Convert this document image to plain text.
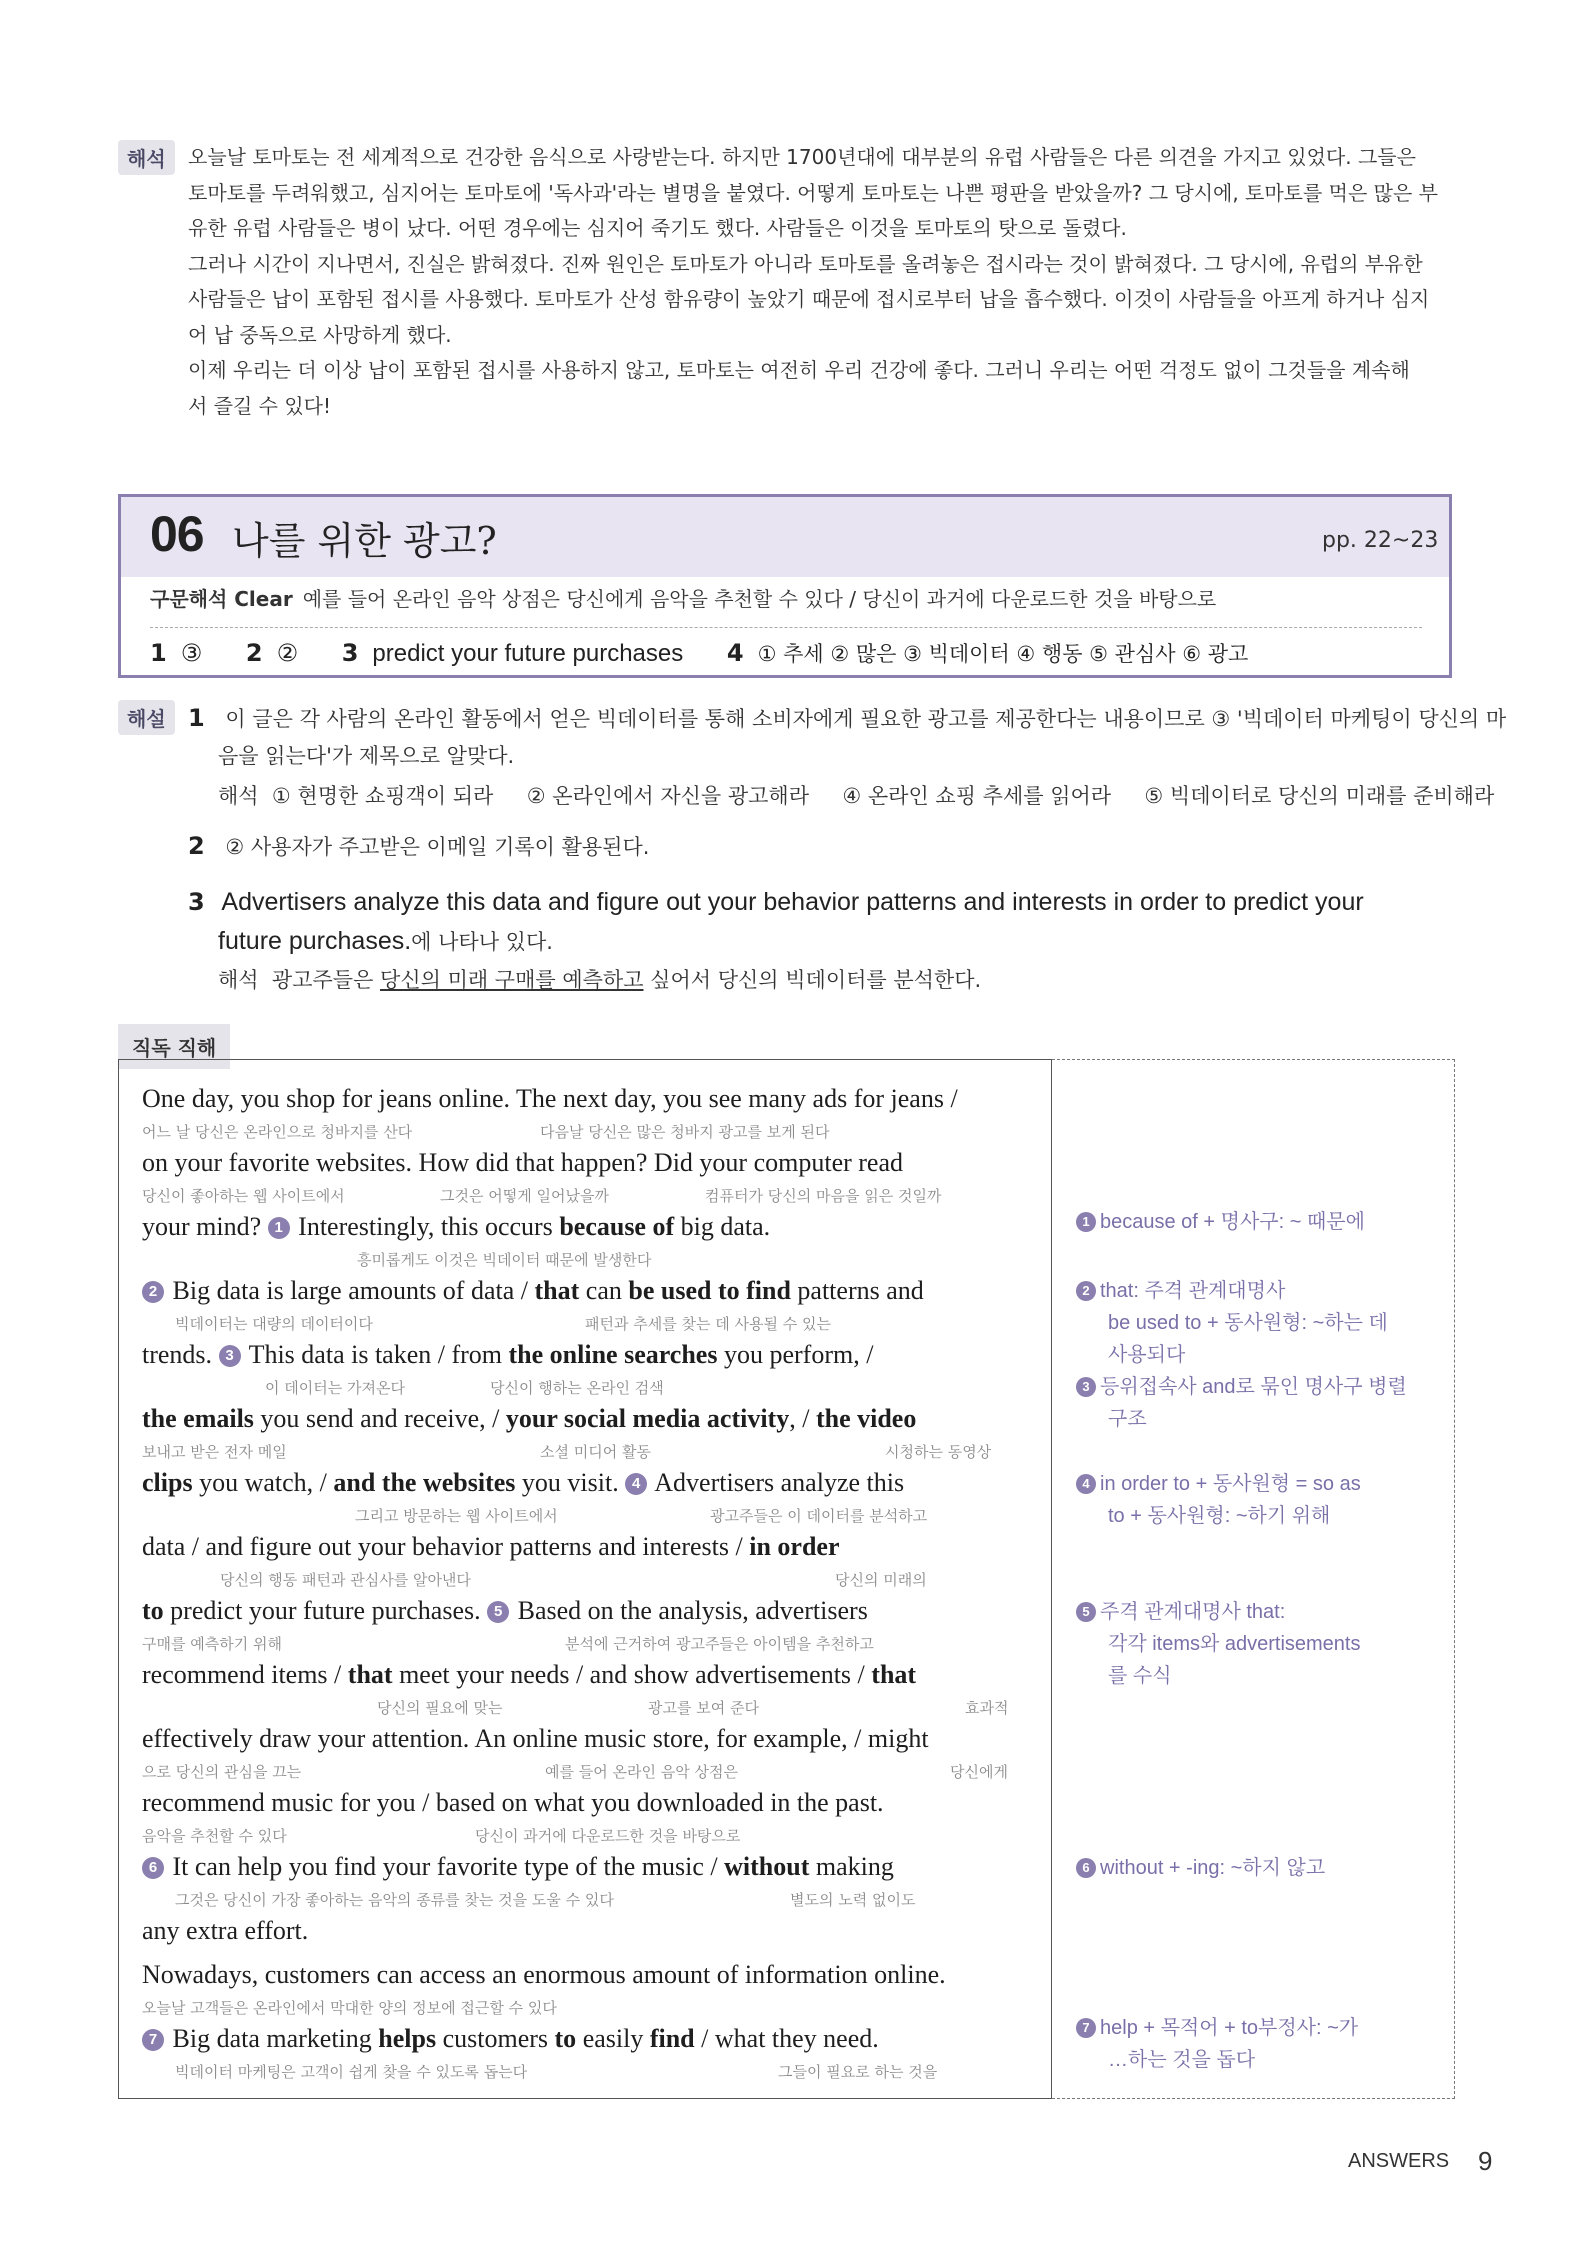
해석	오늘날 토마토는 전 세계적으로 건강한 음식으로 사랑받는다. 하지만 1700년대에 대부분의 유럽 사람들은 다른 의견을 가지고 있었다. 그들은

토마토를 두려워했고, 심지어는 토마토에 '독사과'라는 별명을 붙였다. 어떻게 토마토는 나쁜 평판을 받았을까? 그 당시에, 토마토를 먹은 많은 부

유한 유럽 사람들은 병이 났다. 어떤 경우에는 심지어 죽기도 했다. 사람들은 이것을 토마토의 탓으로 돌렸다.

그러나 시간이 지나면서, 진실은 밝혀졌다. 진짜 원인은 토마토가 아니라 토마토를 올려놓은 접시라는 것이 밝혀졌다. 그 당시에, 유럽의 부유한

사람들은 납이 포함된 접시를 사용했다. 토마토가 산성 함유량이 높았기 때문에 접시로부터 납을 흡수했다. 이것이 사람들을 아프게 하거나 심지

어 납 중독으로 사망하게 했다.

이제 우리는 더 이상 납이 포함된 접시를 사용하지 않고, 토마토는 여전히 우리 건강에 좋다. 그러니 우리는 어떤 걱정도 없이 그것들을 계속해

서 즐길 수 있다!

06 나를 위한 광고?	pp. 22~23
구문해석 Clear 예를 들어 온라인 음악 상점은 당신에게 음악을 추천할 수 있다 / 당신이 과거에 다운로드한 것을 바탕으로
1 ③ 2 ② 3 predict your future purchases 4 ① 추세 ② 많은 ③ 빅데이터 ④ 행동 ⑤ 관심사 ⑥ 광고
해설 1 이 글은 각 사람의 온라인 활동에서 얻은 빅데이터를 통해 소비자에게 필요한 광고를 제공한다는 내용이므로 ③ '빅데이터 마케팅이 당신의 마
음을 읽는다'가 제목으로 알맞다.
해석  ① 현명한 쇼핑객이 되라     ② 온라인에서 자신을 광고해라     ④ 온라인 쇼핑 추세를 읽어라     ⑤ 빅데이터로 당신의 미래를 준비해라
2 ② 사용자가 주고받은 이메일 기록이 활용된다.
3 Advertisers analyze this data and figure out your behavior patterns and interests in order to predict your
future purchases.에 나타나 있다.
해석  광고주들은 당신의 미래 구매를 예측하고 싶어서 당신의 빅데이터를 분석한다.
직독 직해
One day, you shop for jeans online. The next day, you see many ads for jeans /
on your favorite websites. How did that happen? Did your computer read
your mind? 1 Interestingly, this occurs because of big data.
2 Big data is large amounts of data / that can be used to find patterns and
trends. 3 This data is taken / from the online searches you perform, /
the emails you send and receive, / your social media activity, / the video
clips you watch, / and the websites you visit. 4 Advertisers analyze this
data / and figure out your behavior patterns and interests / in order
to predict your future purchases. 5 Based on the analysis, advertisers
recommend items / that meet your needs / and show advertisements / that
effectively draw your attention. An online music store, for example, / might
recommend music for you / based on what you downloaded in the past.
6 It can help you find your favorite type of the music / without making
any extra effort.
Nowadays, customers can access an enormous amount of information online.
7 Big data marketing helps customers to easily find / what they need.
어느 날 당신은 온라인으로 청바지를 산다	다음날 당신은 많은 청바지 광고를 보게 된다
당신이 좋아하는 웹 사이트에서	그것은 어떻게 일어났을까	컴퓨터가 당신의 마음을 읽은 것일까
흥미롭게도 이것은 빅데이터 때문에 발생한다
빅데이터는 대량의 데이터이다	패턴과 추세를 찾는 데 사용될 수 있는
이 데이터는 가져온다	당신이 행하는 온라인 검색
보내고 받은 전자 메일	소셜 미디어 활동	시청하는 동영상
그리고 방문하는 웹 사이트에서	광고주들은 이 데이터를 분석하고
당신의 행동 패턴과 관심사를 알아낸다	당신의 미래의
구매를 예측하기 위해	분석에 근거하여 광고주들은 아이템을 추천하고
당신의 필요에 맞는	광고를 보여 준다	효과적
으로 당신의 관심을 끄는	예를 들어 온라인 음악 상점은	당신에게
음악을 추천할 수 있다	당신이 과거에 다운로드한 것을 바탕으로
그것은 당신이 가장 좋아하는 음악의 종류를 찾는 것을 도울 수 있다	별도의 노력 없이도
오늘날 고객들은 온라인에서 막대한 양의 정보에 접근할 수 있다
빅데이터 마케팅은 고객이 쉽게 찾을 수 있도록 돕는다	그들이 필요로 하는 것을
1 because of + 명사구: ~ 때문에
2 that: 주격 관계대명사
be used to + 동사원형: ~하는 데
사용되다
3 등위접속사 and로 묶인 명사구 병렬
구조
4 in order to + 동사원형 = so as
to + 동사원형: ~하기 위해
5 주격 관계대명사 that:
각각 items와 advertisements
를 수식
6 without + -ing: ~하지 않고
7 help + 목적어 + to부정사: ~가
…하는 것을 돕다
ANSWERS 9
